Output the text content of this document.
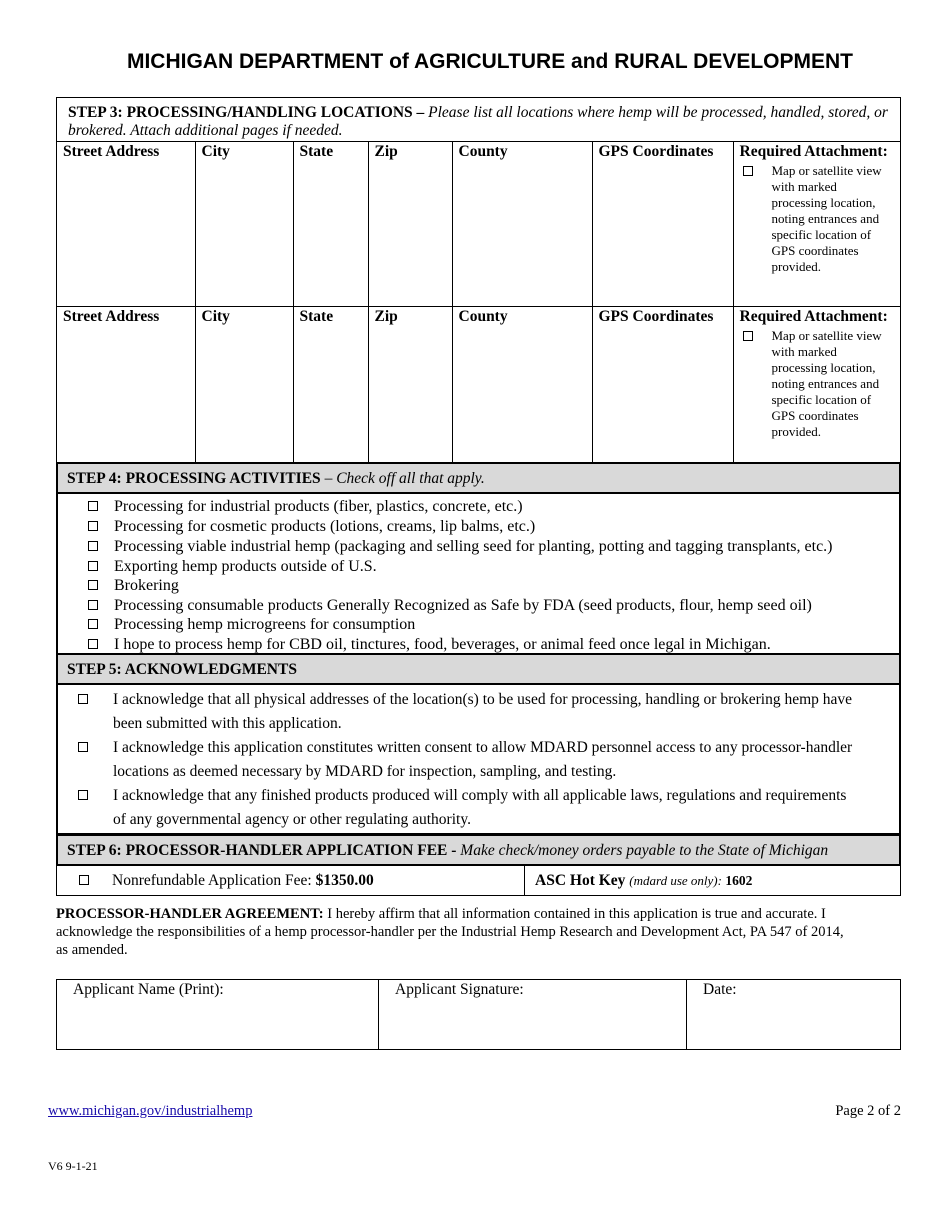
MICHIGAN DEPARTMENT of AGRICULTURE and RURAL DEVELOPMENT
STEP 3: PROCESSING/HANDLING LOCATIONS – Please list all locations where hemp will be processed, handled, stored, or brokered. Attach additional pages if needed.
Street Address	City	State	Zip	County	GPS Coordinates	Required Attachment:
Map or satellite view with marked processing location, noting entrances and specific location of GPS coordinates provided.
Street Address	City	State	Zip	County	GPS Coordinates	Required Attachment:
Map or satellite view with marked processing location, noting entrances and specific location of GPS coordinates provided.
STEP 4: PROCESSING ACTIVITIES – Check off all that apply.
Processing for industrial products (fiber, plastics, concrete, etc.)
Processing for cosmetic products (lotions, creams, lip balms, etc.)
Processing viable industrial hemp (packaging and selling seed for planting, potting and tagging transplants, etc.)
Exporting hemp products outside of U.S.
Brokering
Processing consumable products Generally Recognized as Safe by FDA (seed products, flour, hemp seed oil)
Processing hemp microgreens for consumption
I hope to process hemp for CBD oil, tinctures, food, beverages, or animal feed once legal in Michigan.
STEP 5: ACKNOWLEDGMENTS
I acknowledge that all physical addresses of the location(s) to be used for processing, handling or brokering hemp have been submitted with this application.
I acknowledge this application constitutes written consent to allow MDARD personnel access to any processor-handler locations as deemed necessary by MDARD for inspection, sampling, and testing.
I acknowledge that any finished products produced will comply with all applicable laws, regulations and requirements of any governmental agency or other regulating authority.
STEP 6: PROCESSOR-HANDLER APPLICATION FEE - Make check/money orders payable to the State of Michigan
Nonrefundable Application Fee: $1350.00	ASC Hot Key (mdard use only): 1602
PROCESSOR-HANDLER AGREEMENT: I hereby affirm that all information contained in this application is true and accurate. I acknowledge the responsibilities of a hemp processor-handler per the Industrial Hemp Research and Development Act, PA 547 of 2014, as amended.
Applicant Name (Print):	Applicant Signature:	Date:
www.michigan.gov/industrialhemp	Page 2 of 2
V6 9-1-21
